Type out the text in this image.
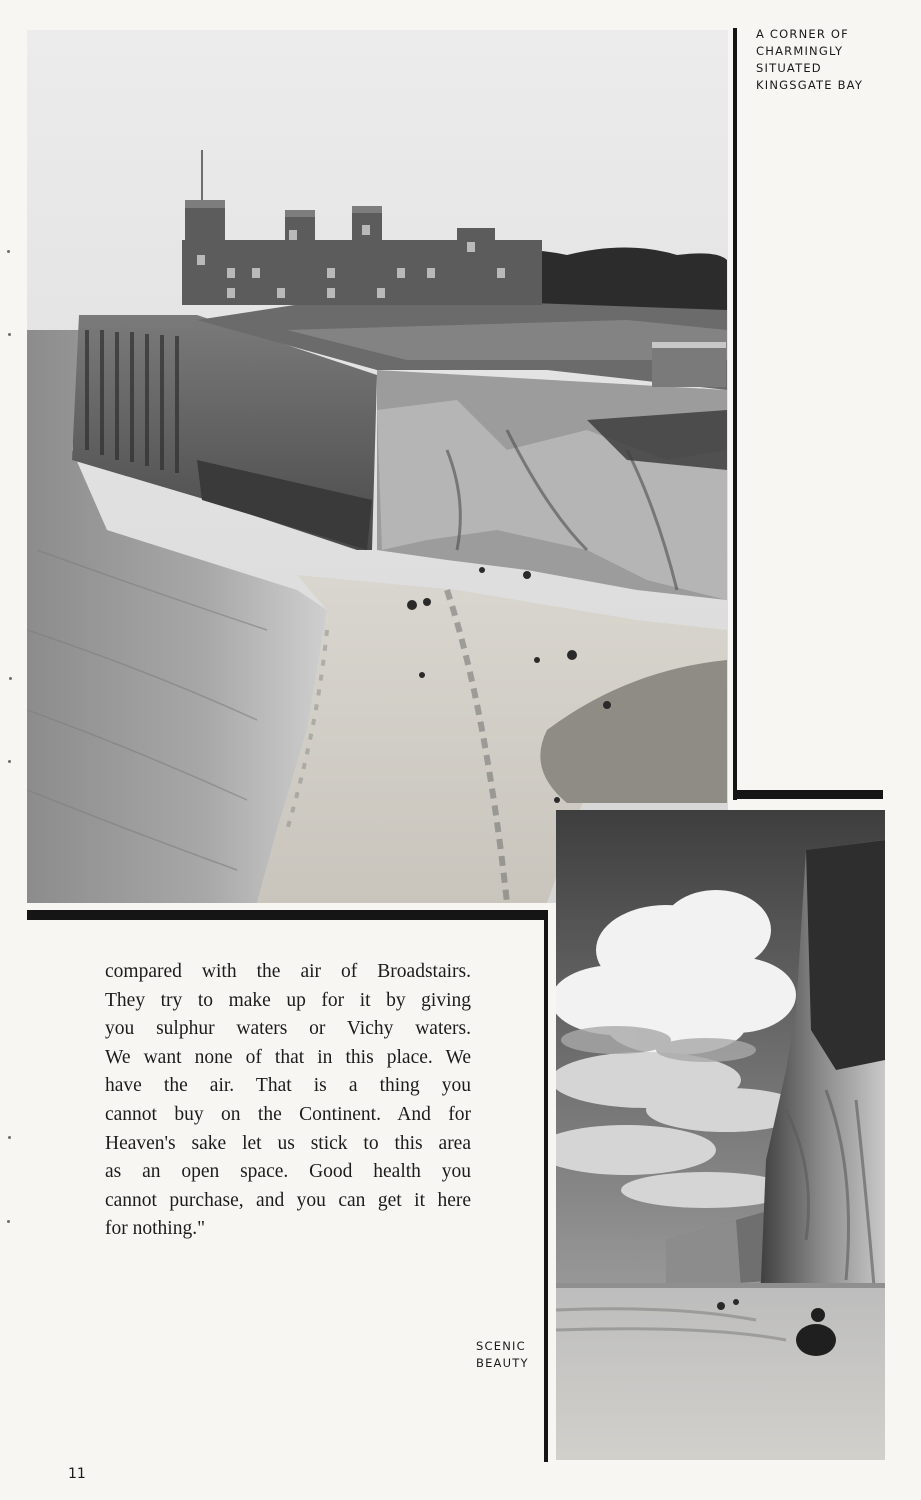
A CORNER OF
CHARMINGLY
SITUATED
KINGSGATE BAY
SCENIC
BEAUTY
compared with the air of Broadstairs.
They try to make up for it by giving
you sulphur waters or Vichy waters.
We want none of that in this place. We
have the air. That is a thing you
cannot buy on the Continent. And for
Heaven's sake let us stick to this area
as an open space. Good health you
cannot purchase, and you can get it here
for nothing."
11
